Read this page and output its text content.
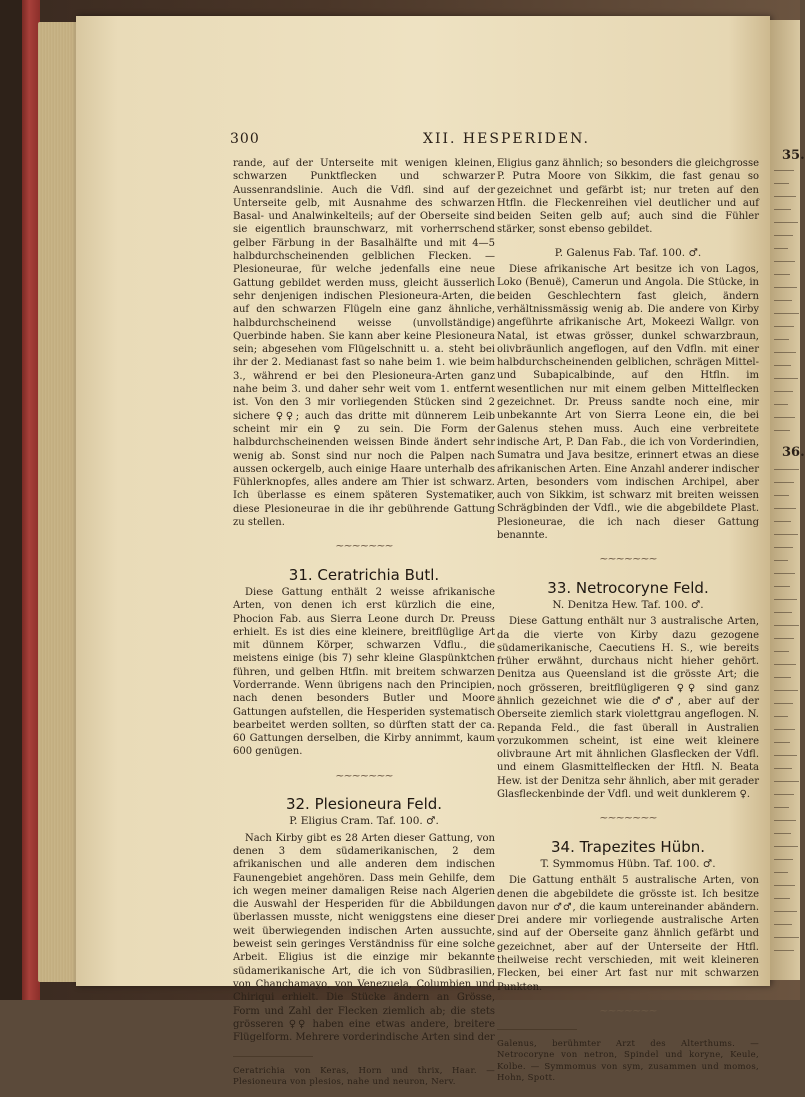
35.
36.
300	XII. HESPERIDEN.

rande, auf der Unterseite mit wenigen kleinen, schwarzen Punktflecken und schwarzer Aussenrandslinie. Auch die Vdfl. sind auf der Unterseite gelb, mit Ausnahme des schwarzen Basal- und Analwinkelteils; auf der Oberseite sind sie eigentlich braunschwarz, mit vorherrschend gelber Färbung in der Basalhälfte und mit 4—5 halbdurchscheinenden gelblichen Flecken. — Plesioneurae, für welche jedenfalls eine neue Gattung gebildet werden muss, gleicht äusserlich sehr denjenigen indischen Plesioneura-Arten, die auf den schwarzen Flügeln eine ganz ähnliche, halbdurchscheinend weisse (unvollständige) Querbinde haben. Sie kann aber keine Plesioneura sein; abgesehen vom Flügelschnitt u. a. steht bei ihr der 2. Medianast fast so nahe beim 1. wie beim 3., während er bei den Plesioneura-Arten ganz nahe beim 3. und daher sehr weit vom 1. entfernt ist. Von den 3 mir vorliegenden Stücken sind 2 sichere ♀♀; auch das dritte mit dünnerem Leib scheint mir ein ♀ zu sein. Die Form der halbdurchscheinenden weissen Binde ändert sehr wenig ab. Sonst sind nur noch die Palpen nach aussen ockergelb, auch einige Haare unterhalb des Fühlerknopfes, alles andere am Thier ist schwarz. Ich überlasse es einem späteren Systematiker, diese Plesioneurae in die ihr gebührende Gattung zu stellen.

~~~~~~~
31. Ceratrichia Butl.

Diese Gattung enthält 2 weisse afrikanische Arten, von denen ich erst kürzlich die eine, Phocion Fab. aus Sierra Leone durch Dr. Preuss erhielt. Es ist dies eine kleinere, breitflüglige Art mit dünnem Körper, schwarzen Vdflu., die meistens einige (bis 7) sehr kleine Glaspünktchen führen, und gelben Htfln. mit breitem schwarzen Vorderrande. Wenn übrigens nach den Principien, nach denen besonders Butler und Moore Gattungen aufstellen, die Hesperiden systematisch bearbeitet werden sollten, so dürften statt der ca. 60 Gattungen derselben, die Kirby annimmt, kaum 600 genügen.

~~~~~~~
32. Plesioneura Feld.
P. Eligius Cram. Taf. 100. ♂.

Nach Kirby gibt es 28 Arten dieser Gattung, von denen 3 dem südamerikanischen, 2 dem afrikanischen und alle anderen dem indischen Faunengebiet angehören. Dass mein Gehilfe, dem ich wegen meiner damaligen Reise nach Algerien die Auswahl der Hesperiden für die Abbildungen überlassen musste, nicht weniggstens eine dieser weit überwiegenden indischen Arten aussuchte, beweist sein geringes Verständniss für eine solche Arbeit. Eligius ist die einzige mir bekannte südamerikanische Art, die ich von Südbrasilien, von Chanchamayo, von Venezuela, Columbien und Chiriqui erhielt. Die Stücke ändern an Grösse, Form und Zahl der Flecken ziemlich ab; die stets grösseren ♀♀ haben eine etwas andere, breitere Flügelform. Mehrere vorderindische Arten sind der

Ceratrichia von Keras, Horn und thrix, Haar. — Plesioneura von plesios, nahe und neuron, Nerv.

Eligius ganz ähnlich; so besonders die gleichgrosse P. Putra Moore von Sikkim, die fast genau so gezeichnet und gefärbt ist; nur treten auf den Htfln. die Fleckenreihen viel deutlicher und auf beiden Seiten gelb auf; auch sind die Fühler stärker, sonst ebenso gebildet.

P. Galenus Fab. Taf. 100. ♂.

Diese afrikanische Art besitze ich von Lagos, Loko (Benuë), Camerun und Angola. Die Stücke, in beiden Geschlechtern fast gleich, ändern verhältnissmässig wenig ab. Die andere von Kirby angeführte afrikanische Art, Mokeezi Wallgr. von Natal, ist etwas grösser, dunkel schwarzbraun, olivbräunlich angeflogen, auf den Vdfln. mit einer halbdurchscheinenden gelblichen, schrägen Mittel- und Subapicalbinde, auf den Htfln. im wesentlichen nur mit einem gelben Mittelflecken gezeichnet. Dr. Preuss sandte noch eine, mir unbekannte Art von Sierra Leone ein, die bei Galenus stehen muss. Auch eine verbreitete indische Art, P. Dan Fab., die ich von Vorderindien, Sumatra und Java besitze, erinnert etwas an diese afrikanischen Arten. Eine Anzahl anderer indischer Arten, besonders vom indischen Archipel, aber auch von Sikkim, ist schwarz mit breiten weissen Schrägbinden der Vdfl., wie die abgebildete Plast. Plesioneurae, die ich nach dieser Gattung benannte.

~~~~~~~
33. Netrocoryne Feld.
N. Denitza Hew. Taf. 100. ♂.

Diese Gattung enthält nur 3 australische Arten, da die vierte von Kirby dazu gezogene südamerikanische, Caecutiens H. S., wie bereits früher erwähnt, durchaus nicht hieher gehört. Denitza aus Queensland ist die grösste Art; die noch grösseren, breitflügligeren ♀♀ sind ganz ähnlich gezeichnet wie die ♂♂, aber auf der Oberseite ziemlich stark violettgrau angeflogen. N. Repanda Feld., die fast überall in Australien vorzukommen scheint, ist eine weit kleinere olivbraune Art mit ähnlichen Glasflecken der Vdfl. und einem Glasmittelflecken der Htfl. N. Beata Hew. ist der Denitza sehr ähnlich, aber mit gerader Glasfleckenbinde der Vdfl. und weit dunklerem ♀.

~~~~~~~
34. Trapezites Hübn.
T. Symmomus Hübn. Taf. 100. ♂.

Die Gattung enthält 5 australische Arten, von denen die abgebildete die grösste ist. Ich besitze davon nur ♂♂, die kaum untereinander abändern. Drei andere mir vorliegende australische Arten sind auf der Oberseite ganz ähnlich gefärbt und gezeichnet, aber auf der Unterseite der Htfl. theilweise recht verschieden, mit weit kleineren Flecken, bei einer Art fast nur mit schwarzen Punkten.

~~~~~~~

Galenus, berühmter Arzt des Alterthums. — Netrocoryne von netron, Spindel und koryne, Keule, Kolbe. — Symmomus von sym, zusammen und momos, Hohn, Spott.
